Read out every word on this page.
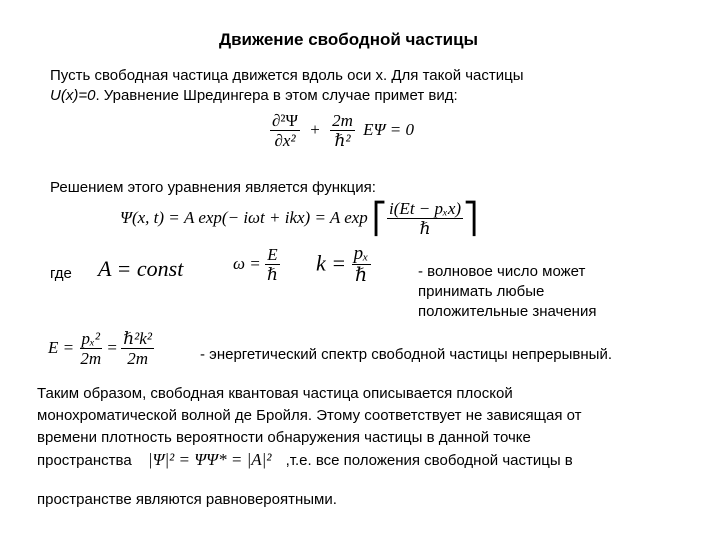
Движение свободной частицы
Пусть свободная частица движется вдоль оси x. Для такой частицы
U(x)=0. Уравнение Шредингера в этом случае примет вид:
$\frac{\text{∂²Ψ}}{\text{∂x²}} + \frac{2m}{\text{ℏ²}}$ EΨ = 0
Решением этого уравнения является функция:
Ψ(x, t) = A exp(− iωt + ikx) = A exp ⎡ $\frac{\text{i(Et − pₓx)}}{\text{ℏ}}$ ⎤
где A = const	$\omega = \frac{E}{\text{ℏ}}$ $k = \frac{\text{pₓ}}{\text{ℏ}}$	- волновое число может
принимать любые
положительные значения
$E = \frac{\text{pₓ²}}{2m} = \frac{\text{ℏ²k²}}{2m}$	- энергетический спектр свободной частицы непрерывный.
Таким образом, свободная квантовая частица описывается плоской
монохроматической волной де Бройля. Этому соответствует не зависящая от
времени плотность вероятности обнаружения частицы в данной точке
пространства |Ψ|² = ΨΨ* = |A|² ,т.е. все положения свободной частицы в
пространстве являются равновероятными.
